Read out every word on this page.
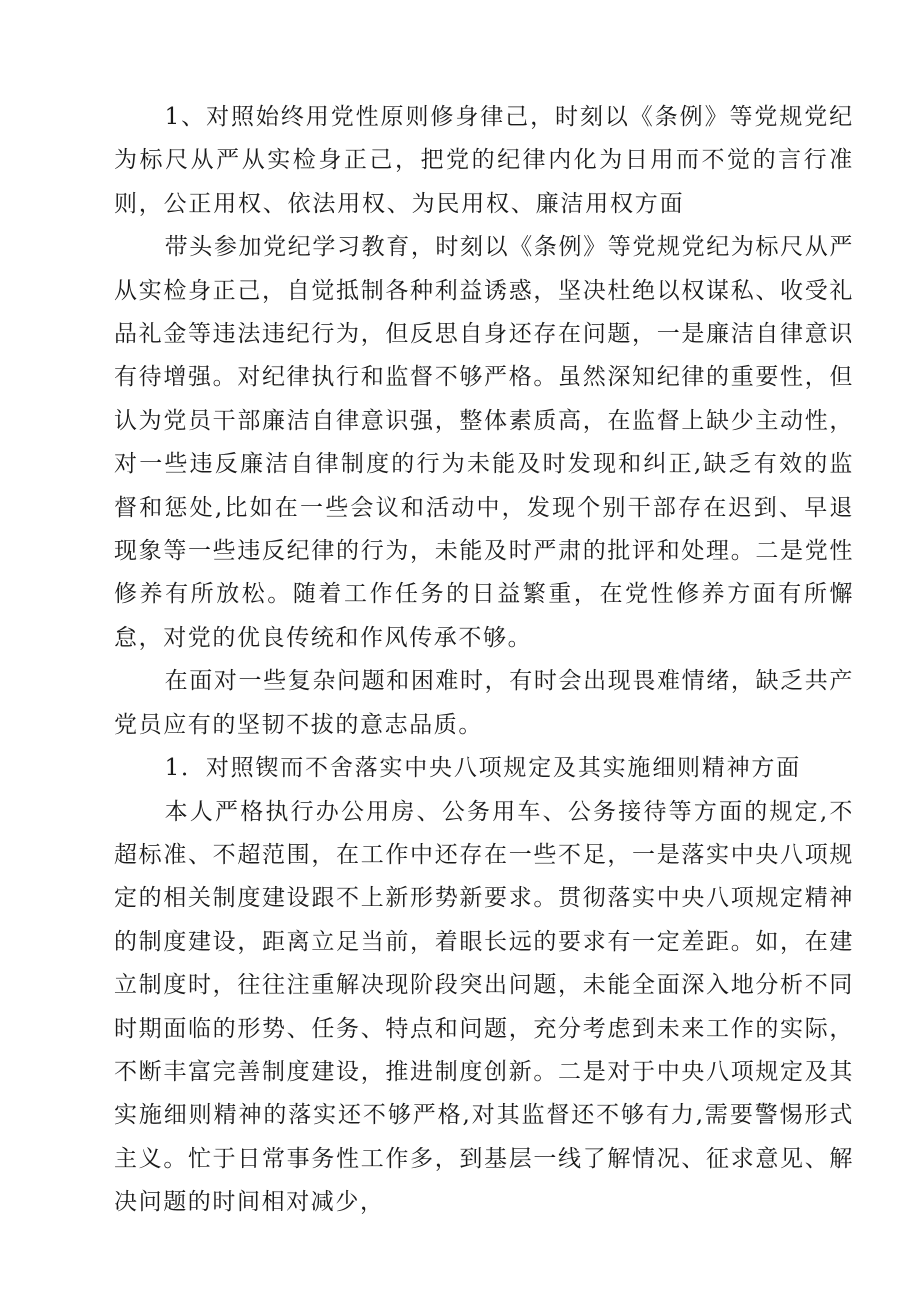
1、对照始终用党性原则修身律己，时刻以《条例》等党规党纪为标尺从严从实检身正己，把党的纪律内化为日用而不觉的言行准则，公正用权、依法用权、为民用权、廉洁用权方面

带头参加党纪学习教育，时刻以《条例》等党规党纪为标尺从严从实检身正己，自觉抵制各种利益诱惑，坚决杜绝以权谋私、收受礼品礼金等违法违纪行为，但反思自身还存在问题，一是廉洁自律意识有待增强。对纪律执行和监督不够严格。虽然深知纪律的重要性，但认为党员干部廉洁自律意识强，整体素质高，在监督上缺少主动性，对一些违反廉洁自律制度的行为未能及时发现和纠正,缺乏有效的监督和惩处,比如在一些会议和活动中，发现个别干部存在迟到、早退现象等一些违反纪律的行为，未能及时严肃的批评和处理。二是党性修养有所放松。随着工作任务的日益繁重，在党性修养方面有所懈怠，对党的优良传统和作风传承不够。

在面对一些复杂问题和困难时，有时会出现畏难情绪，缺乏共产党员应有的坚韧不拔的意志品质。

1．对照锲而不舍落实中央八项规定及其实施细则精神方面

本人严格执行办公用房、公务用车、公务接待等方面的规定,不超标准、不超范围，在工作中还存在一些不足，一是落实中央八项规定的相关制度建设跟不上新形势新要求。贯彻落实中央八项规定精神的制度建设，距离立足当前，着眼长远的要求有一定差距。如，在建立制度时，往往注重解决现阶段突出问题，未能全面深入地分析不同时期面临的形势、任务、特点和问题，充分考虑到未来工作的实际，不断丰富完善制度建设，推进制度创新。二是对于中央八项规定及其实施细则精神的落实还不够严格,对其监督还不够有力,需要警惕形式主义。忙于日常事务性工作多，到基层一线了解情况、征求意见、解决问题的时间相对减少，
